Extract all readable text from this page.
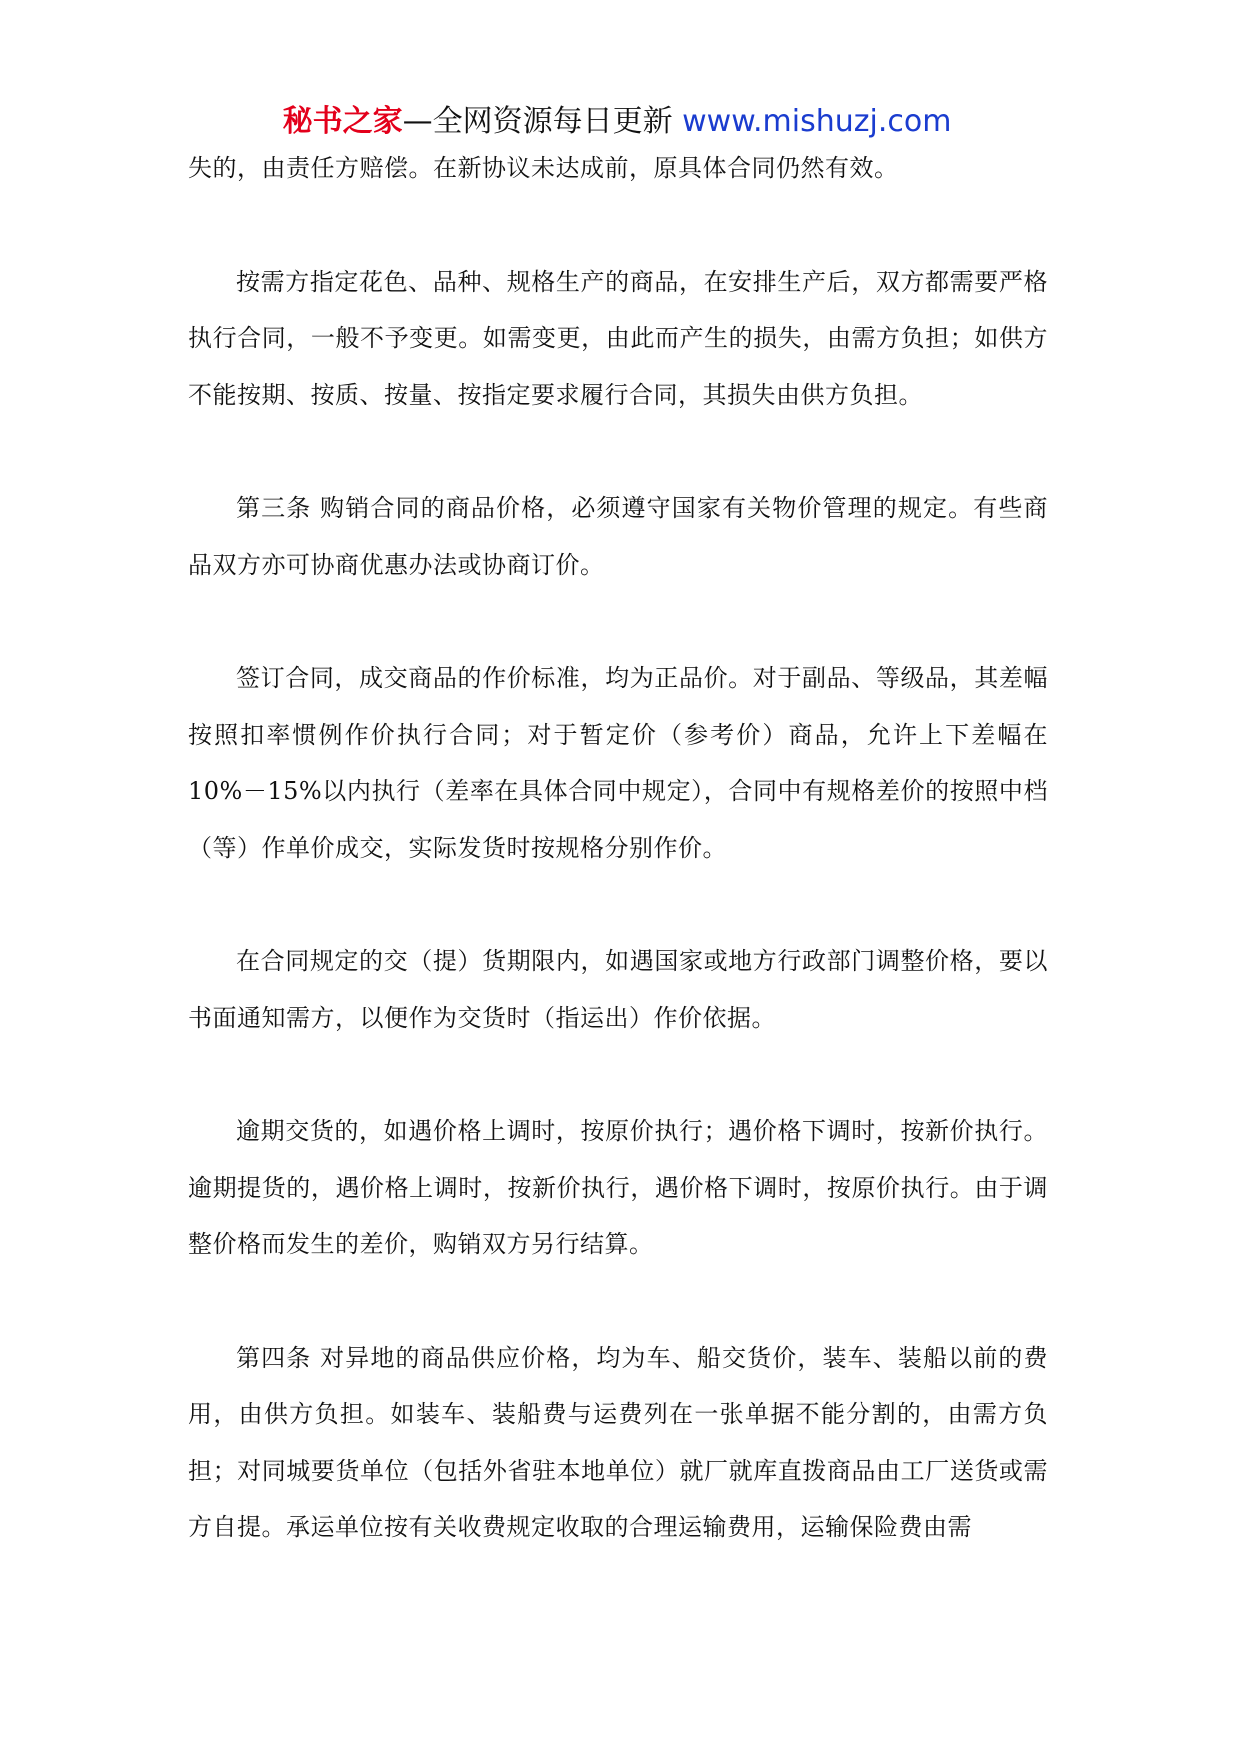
秘书之家—全网资源每日更新 www.mishuzj.com

失的，由责任方赔偿。在新协议未达成前，原具体合同仍然有效。

按需方指定花色、品种、规格生产的商品，在安排生产后，双方都需要严格执行合同，一般不予变更。如需变更，由此而产生的损失，由需方负担；如供方不能按期、按质、按量、按指定要求履行合同，其损失由供方负担。

第三条 购销合同的商品价格，必须遵守国家有关物价管理的规定。有些商品双方亦可协商优惠办法或协商订价。

签订合同，成交商品的作价标准，均为正品价。对于副品、等级品，其差幅按照扣率惯例作价执行合同；对于暂定价（参考价）商品，允许上下差幅在10%－15%以内执行（差率在具体合同中规定），合同中有规格差价的按照中档（等）作单价成交，实际发货时按规格分别作价。

在合同规定的交（提）货期限内，如遇国家或地方行政部门调整价格，要以书面通知需方，以便作为交货时（指运出）作价依据。

逾期交货的，如遇价格上调时，按原价执行；遇价格下调时，按新价执行。逾期提货的，遇价格上调时，按新价执行，遇价格下调时，按原价执行。由于调整价格而发生的差价，购销双方另行结算。

第四条 对异地的商品供应价格，均为车、船交货价，装车、装船以前的费用，由供方负担。如装车、装船费与运费列在一张单据不能分割的，由需方负担；对同城要货单位（包括外省驻本地单位）就厂就库直拨商品由工厂送货或需方自提。承运单位按有关收费规定收取的合理运输费用，运输保险费由需
